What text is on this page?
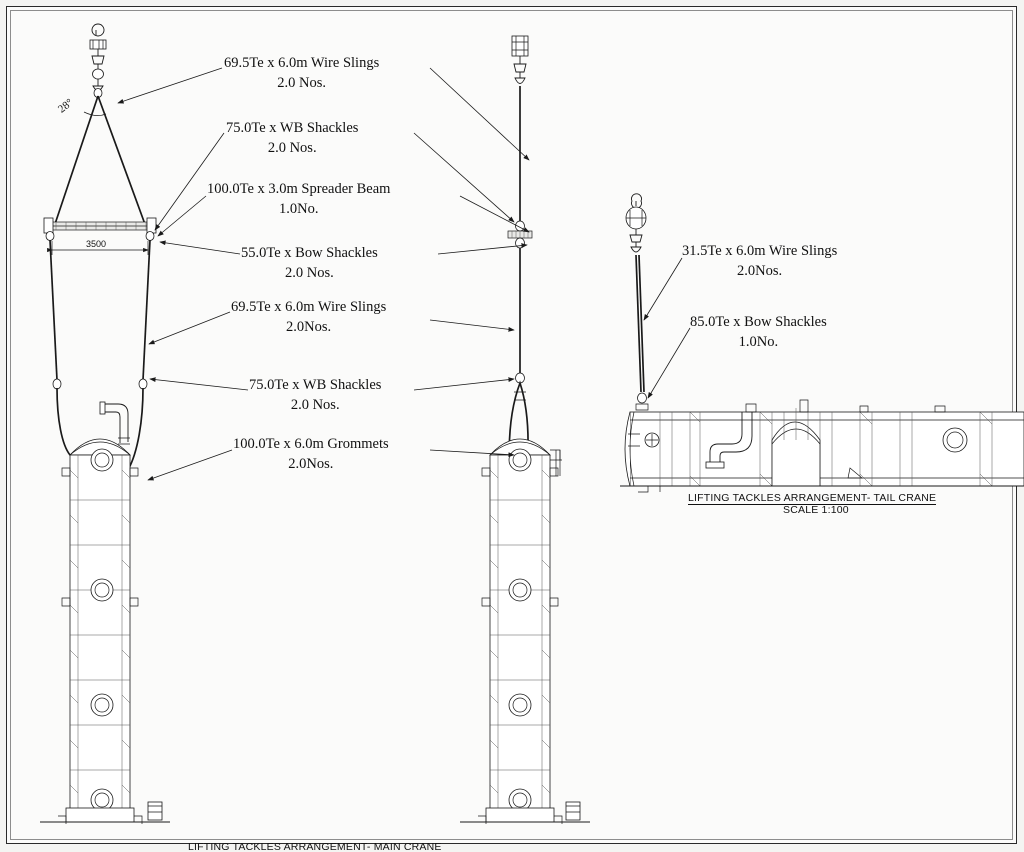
69.5Te x 6.0m Wire Slings
2.0 Nos.
75.0Te x WB Shackles
2.0 Nos.
100.0Te x 3.0m Spreader Beam
1.0No.
55.0Te x Bow Shackles
2.0 Nos.
69.5Te x 6.0m Wire Slings
2.0Nos.
75.0Te x WB Shackles
2.0 Nos.
100.0Te x 6.0m Grommets
2.0Nos.
31.5Te x 6.0m Wire Slings
2.0Nos.
85.0Te x Bow Shackles
1.0No.
28°
3500
LIFTING TACKLES ARRANGEMENT- TAIL CRANE
SCALE 1:100
LIFTING TACKLES ARRANGEMENT- MAIN CRANE
